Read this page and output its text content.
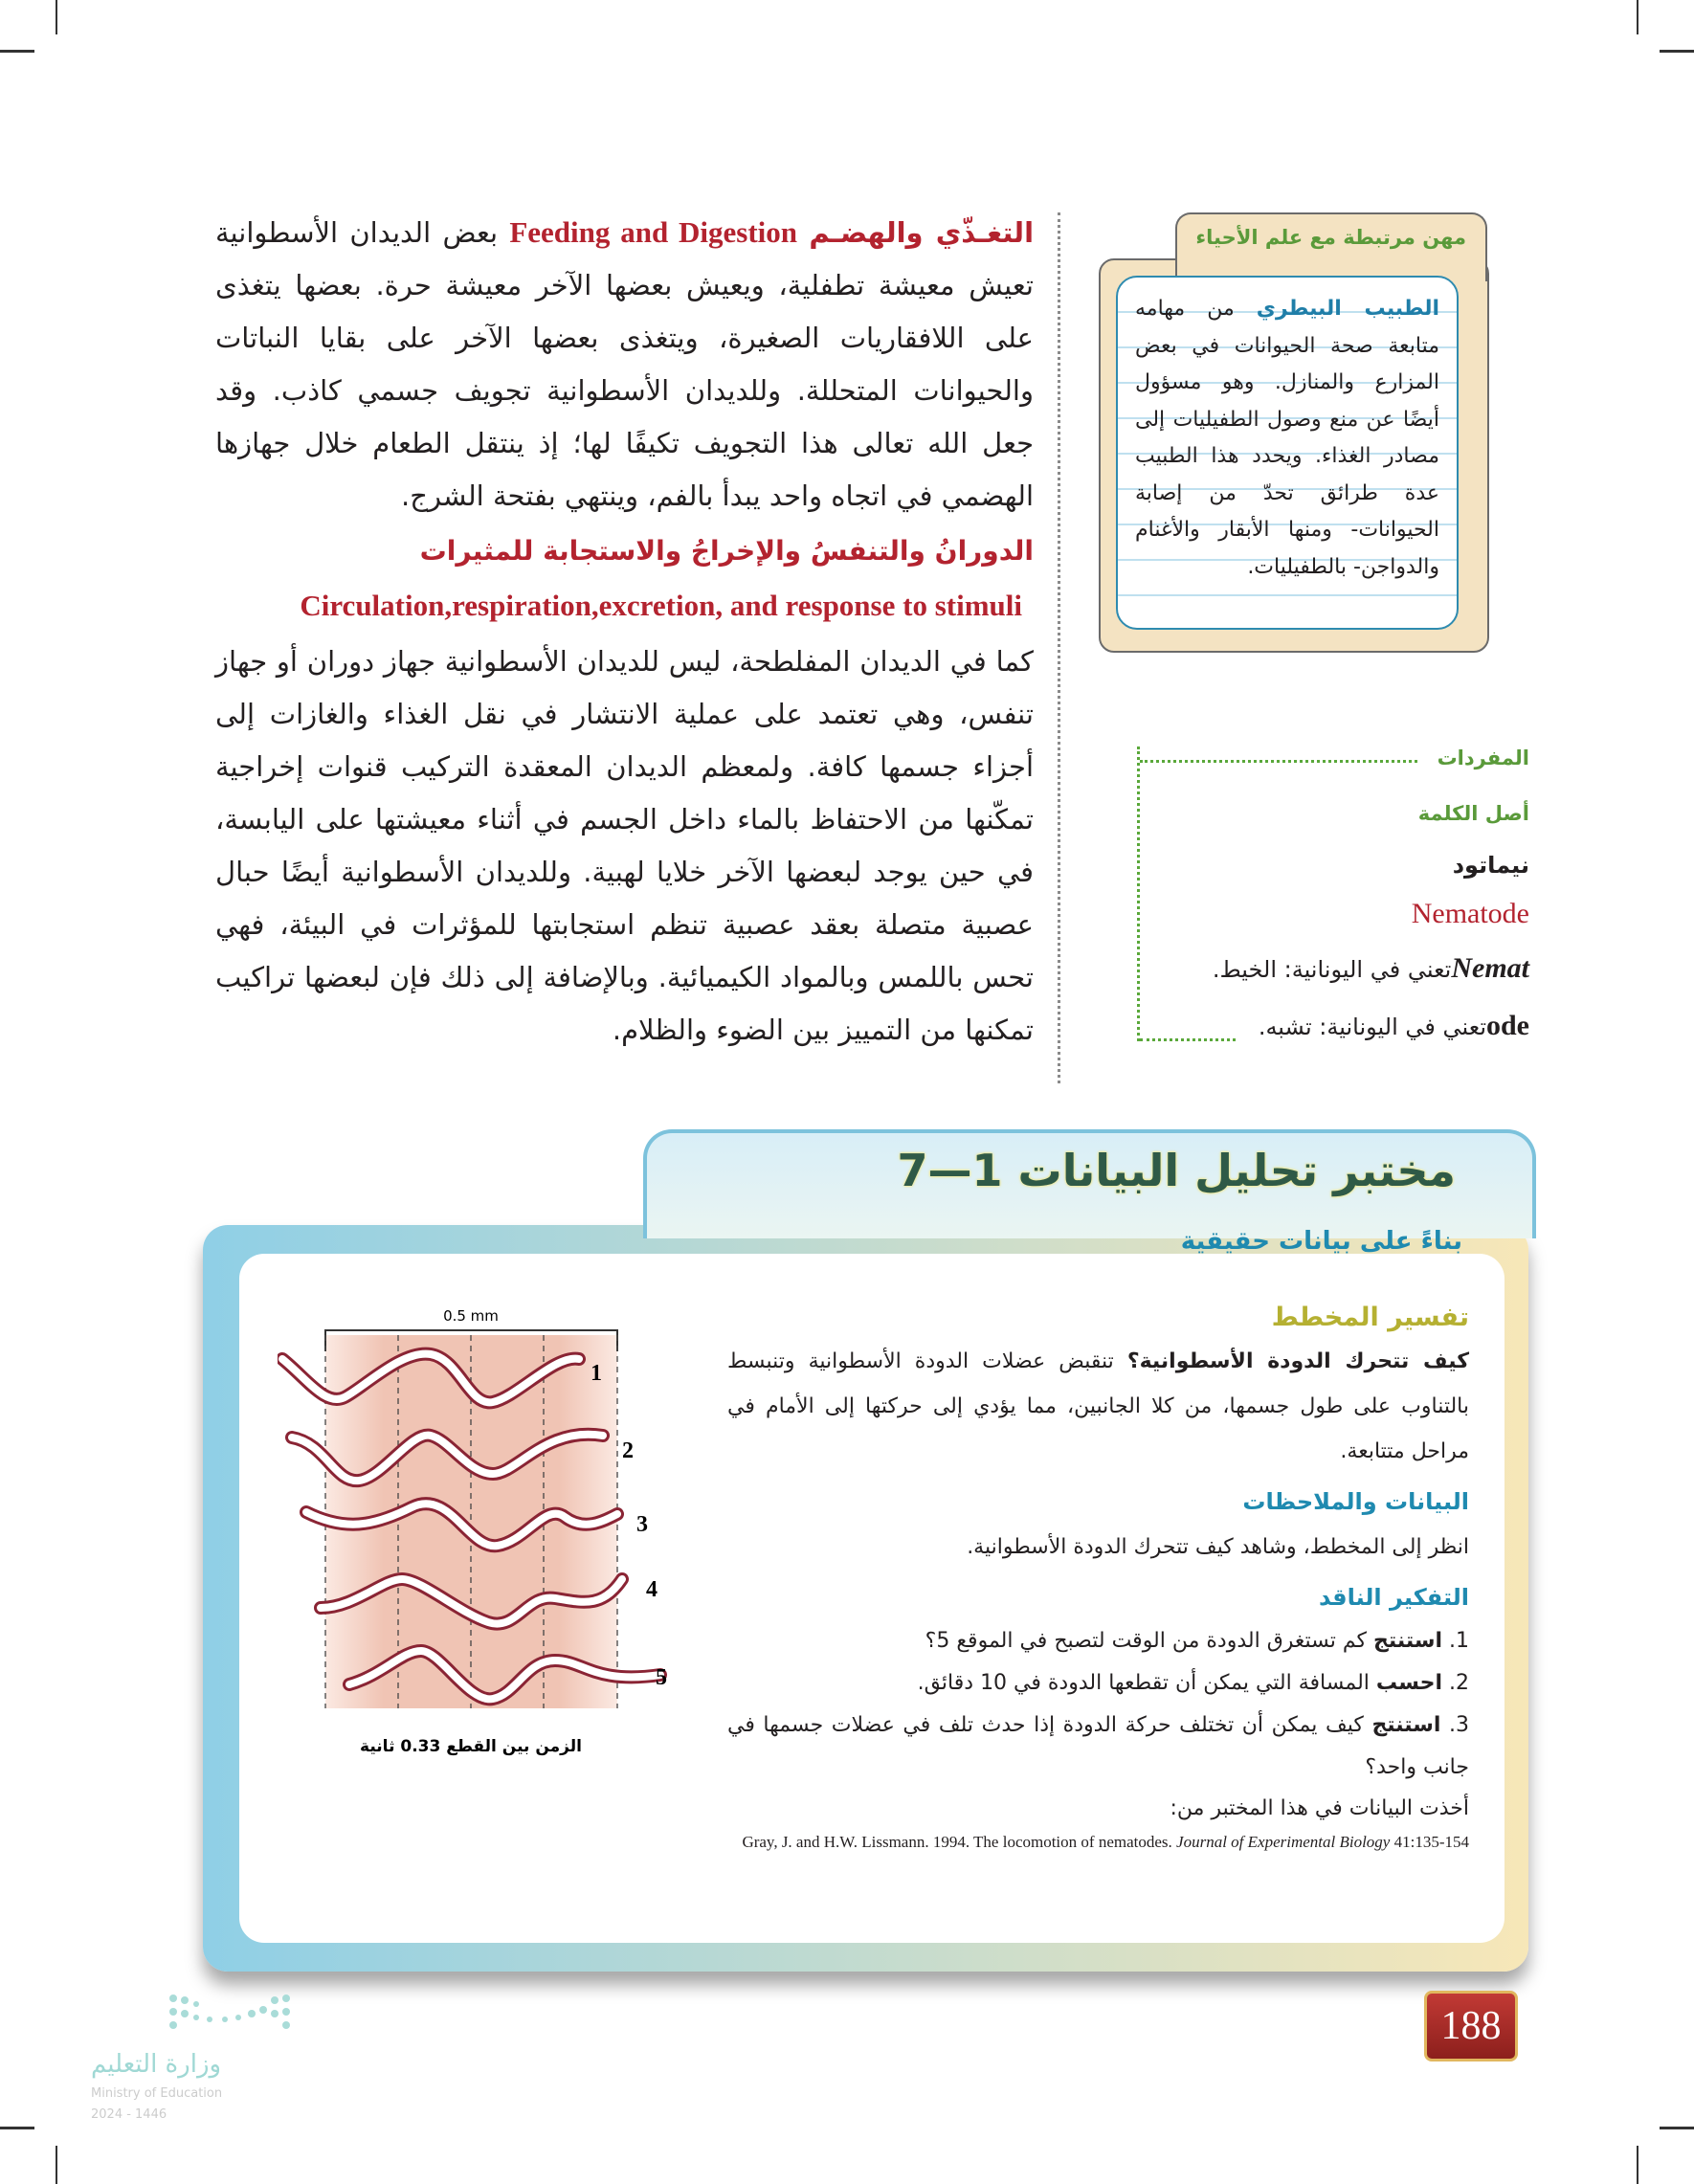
التغـذّي والهضـم Feeding and Digestion بعض الديدان الأسطوانية تعيش معيشة تطفلية، ويعيش بعضها الآخر معيشة حرة. بعضها يتغذى على اللافقاريات الصغيرة، ويتغذى بعضها الآخر على بقايا النباتات والحيوانات المتحللة. وللديدان الأسطوانية تجويف جسمي كاذب. وقد جعل الله تعالى هذا التجويف تكيفًا لها؛ إذ ينتقل الطعام خلال جهازها الهضمي في اتجاه واحد يبدأ بالفم، وينتهي بفتحة الشرج.

الدورانُ والتنفسُ والإخراجُ والاستجابة للمثيرات

Circulation,respiration,excretion, and response to stimuli

كما في الديدان المفلطحة، ليس للديدان الأسطوانية جهاز دوران أو جهاز تنفس، وهي تعتمد على عملية الانتشار في نقل الغذاء والغازات إلى أجزاء جسمها كافة. ولمعظم الديدان المعقدة التركيب قنوات إخراجية تمكّنها من الاحتفاظ بالماء داخل الجسم في أثناء معيشتها على اليابسة، في حين يوجد لبعضها الآخر خلايا لهبية. وللديدان الأسطوانية أيضًا حبال عصبية متصلة بعقد عصبية تنظم استجابتها للمؤثرات في البيئة، فهي تحس باللمس وبالمواد الكيميائية. وبالإضافة إلى ذلك فإن لبعضها تراكيب تمكنها من التمييز بين الضوء والظلام.

مهن مرتبطة مع علم الأحياء
الطبيب البيطري من مهامه متابعة صحة الحيوانات في بعض المزارع والمنازل. وهو مسؤول أيضًا عن منع وصول الطفيليات إلى مصادر الغذاء. ويحدد هذا الطبيب عدة طرائق تحدّ من إصابة الحيوانات- ومنها الأبقار والأغنام والدواجن- بالطفيليات.
المفردات
أصل الكلمة
نيماتود
Nematode
Nematتعني في اليونانية: الخيط.
odeتعني في اليونانية: تشبه.
مختبر تحليل البيانات 1—7
بناءً على بيانات حقيقية
0.5 mm
1
2
3
4
5
الزمن بين القطع 0.33 ثانية
تفسير المخطط
كيف تتحرك الدودة الأسطوانية؟ تنقبض عضلات الدودة الأسطوانية وتنبسط بالتناوب على طول جسمها، من كلا الجانبين، مما يؤدي إلى حركتها إلى الأمام في مراحل متتابعة.
البيانات والملاحظات
انظر إلى المخطط، وشاهد كيف تتحرك الدودة الأسطوانية.
التفكير الناقد
1. استنتج كم تستغرق الدودة من الوقت لتصبح في الموقع 5؟
2. احسب المسافة التي يمكن أن تقطعها الدودة في 10 دقائق.
3. استنتج كيف يمكن أن تختلف حركة الدودة إذا حدث تلف في عضلات جسمها في جانب واحد؟
أخذت البيانات في هذا المختبر من:
Gray, J. and H.W. Lissmann. 1994. The locomotion of nematodes. Journal of Experimental Biology 41:135-154
وزارة التعليم
Ministry of Education
2024 - 1446
188
